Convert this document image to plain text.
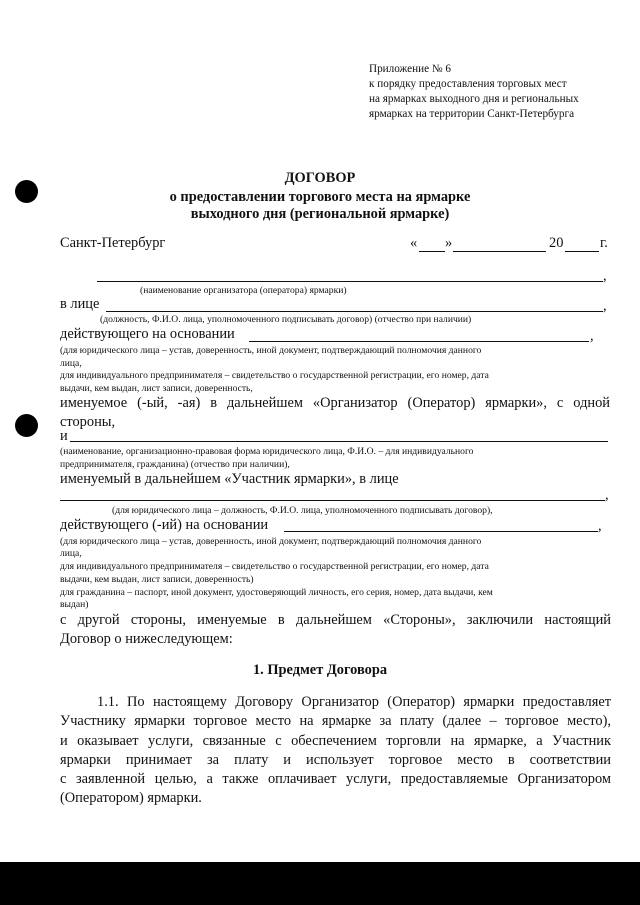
Приложение № 6
к порядку предоставления торговых мест
на ярмарках выходного дня и региональных
ярмарках на территории Санкт-Петербурга
ДОГОВОР
о предоставлении торгового места на ярмарке
выходного дня (региональной ярмарке)
Санкт-Петербург	« »	20	г.
,
(наименование организатора (оператора) ярмарки)
в лице	,
(должность, Ф.И.О. лица, уполномоченного подписывать договор) (отчество при наличии)
действующего на основании	,
(для юридического лица – устав, доверенность, иной документ, подтверждающий полномочия данного
лица,
для индивидуального предпринимателя – свидетельство о государственной регистрации, его номер, дата
выдачи, кем выдан, лист записи, доверенность,
именуемое (-ый, -ая) в дальнейшем «Организатор (Оператор) ярмарки», с одной
стороны,
и
(наименование, организационно-правовая форма юридического лица, Ф.И.О. – для индивидуального
предпринимателя, гражданина) (отчество при наличии),
именуемый в дальнейшем «Участник ярмарки», в лице
,
(для юридического лица – должность, Ф.И.О. лица, уполномоченного подписывать договор),
действующего (-ий) на основании	,
(для юридического лица – устав, доверенность, иной документ, подтверждающий полномочия данного
лица,
для индивидуального предпринимателя – свидетельство о государственной регистрации, его номер, дата
выдачи, кем выдан, лист записи, доверенность)
для гражданина – паспорт, иной документ, удостоверяющий личность, его серия, номер, дата выдачи, кем
выдан)
с другой стороны, именуемые в дальнейшем «Стороны», заключили настоящий
Договор о нижеследующем:
1. Предмет Договора
1.1. По настоящему Договору Организатор (Оператор) ярмарки предоставляет
Участнику ярмарки торговое место на ярмарке за плату (далее – торговое место),
и оказывает услуги, связанные с обеспечением торговли на ярмарке, а Участник
ярмарки принимает за плату и использует торговое место в соответствии
с заявленной целью, а также оплачивает услуги, предоставляемые Организатором
(Оператором) ярмарки.
